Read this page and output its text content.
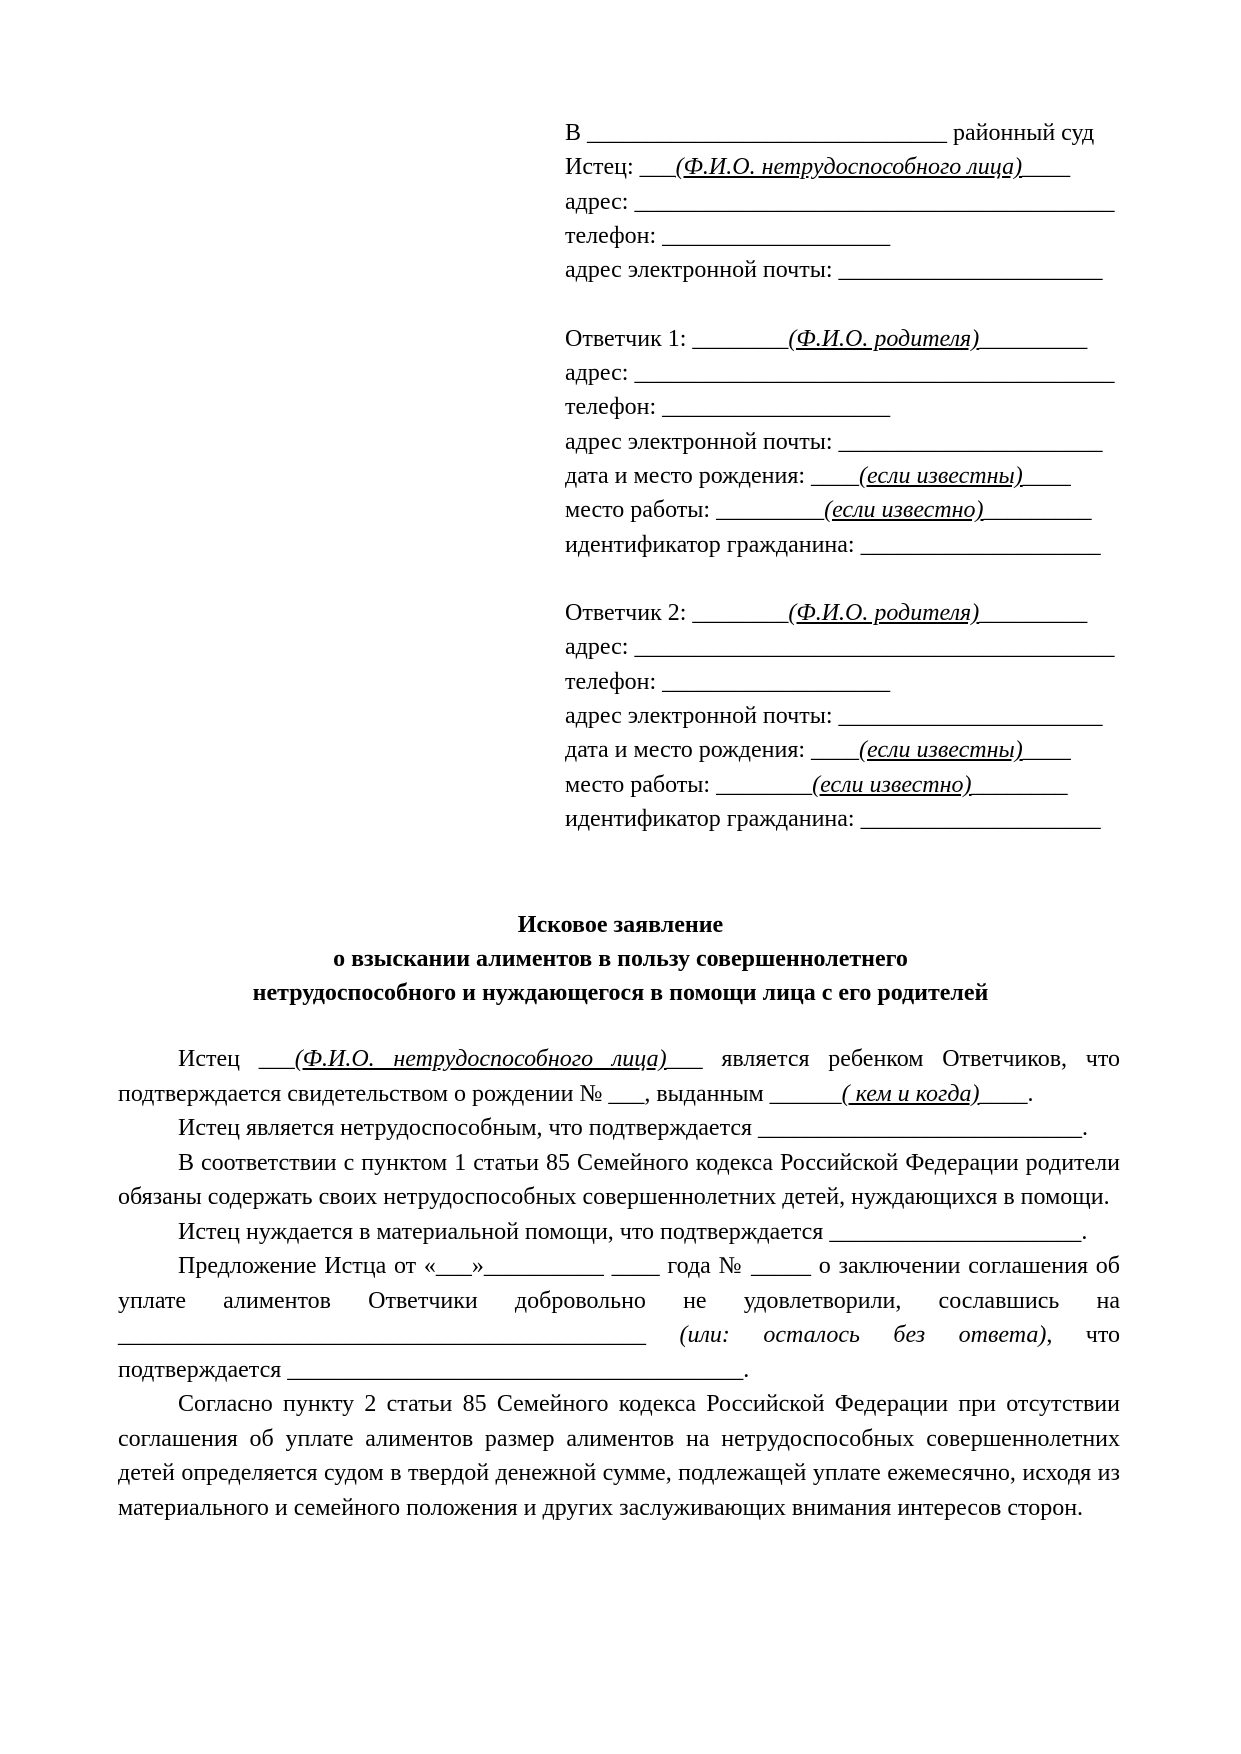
В ______________________________ районный суд
Истец: ___(Ф.И.О. нетрудоспособного лица)____
адрес: ________________________________________
телефон: ___________________
адрес электронной почты: ______________________
Ответчик 1: ________(Ф.И.О. родителя)_________
адрес: ________________________________________
телефон: ___________________
адрес электронной почты: ______________________
дата и место рождения: ____(если известны)____
место работы: _________(если известно)_________
идентификатор гражданина: ____________________
Ответчик 2: ________(Ф.И.О. родителя)_________
адрес: ________________________________________
телефон: ___________________
адрес электронной почты: ______________________
дата и место рождения: ____(если известны)____
место работы: ________(если известно)________
идентификатор гражданина: ____________________
Исковое заявление
о взыскании алиментов в пользу совершеннолетнего
нетрудоспособного и нуждающегося в помощи лица с его родителей

Истец ___(Ф.И.О. нетрудоспособного лица)___ является ребенком Ответчиков, что подтверждается свидетельством о рождении № ___, выданным ______( кем и когда)____.

Истец является нетрудоспособным, что подтверждается ___________________________.

В соответствии с пунктом 1 статьи 85 Семейного кодекса Российской Федерации родители обязаны содержать своих нетрудоспособных совершеннолетних детей, нуждающихся в помощи.

Истец нуждается в материальной помощи, что подтверждается _____________________.

Предложение Истца от «___»__________ ____ года № _____ о заключении соглашения об уплате алиментов Ответчики добровольно не удовлетворили, сославшись на ____________________________________________ (или: осталось без ответа), что подтверждается ______________________________________.

Согласно пункту 2 статьи 85 Семейного кодекса Российской Федерации при отсутствии соглашения об уплате алиментов размер алиментов на нетрудоспособных совершеннолетних детей определяется судом в твердой денежной сумме, подлежащей уплате ежемесячно, исходя из материального и семейного положения и других заслуживающих внимания интересов сторон.
